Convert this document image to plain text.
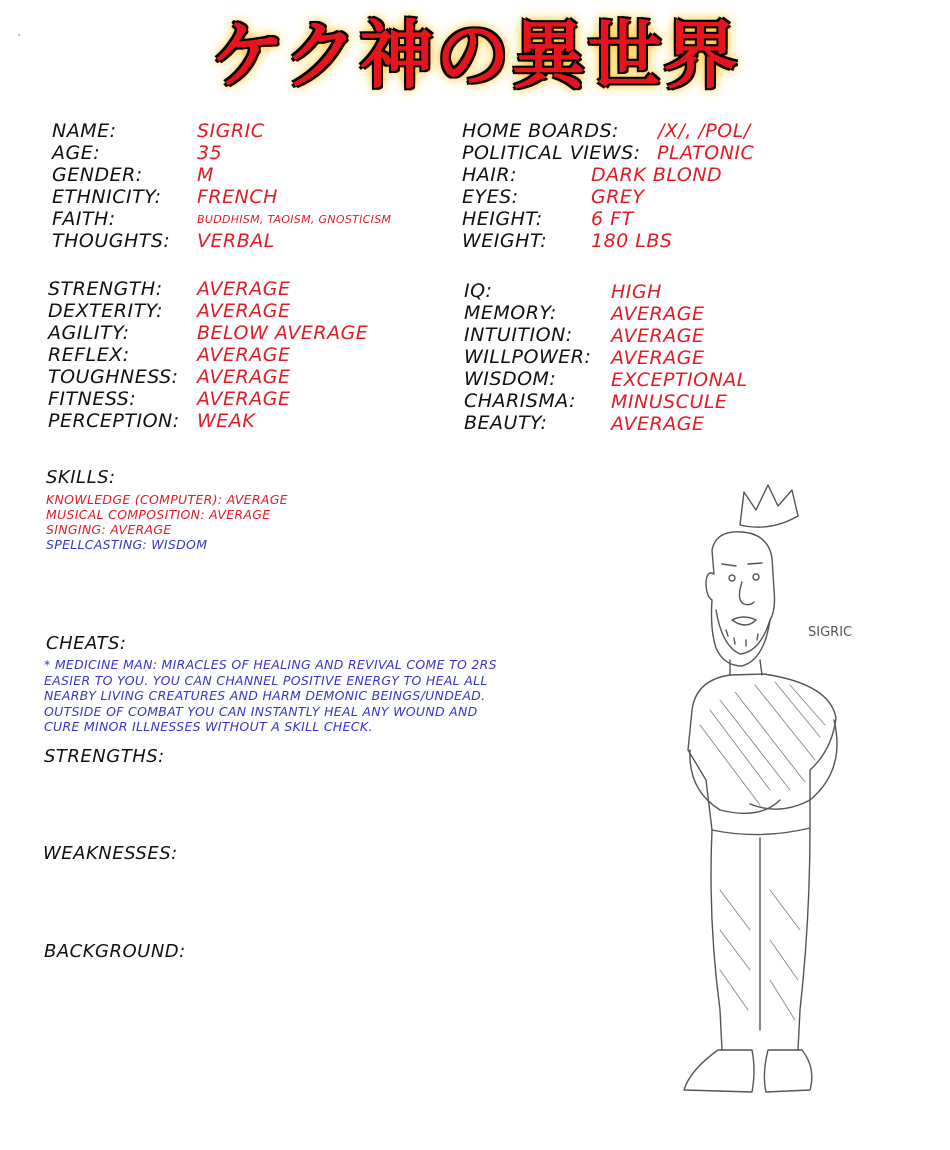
ケク神の異世界
NAME:	SIGRIC
AGE:	35
GENDER:	M
ETHNICITY: FRENCH
FAITH:	BUDDHISM, TAOISM, GNOSTICISM
THOUGHTS: VERBAL
HOME BOARDS: /X/, /POL/
POLITICAL VIEWS: PLATONIC
HAIR:	DARK BLOND
EYES:	GREY
HEIGHT:	6 FT
WEIGHT: 180 LBS
STRENGTH: AVERAGE
DEXTERITY: AVERAGE
AGILITY:	BELOW AVERAGE
REFLEX:	AVERAGE
TOUGHNESS: AVERAGE
FITNESS:	AVERAGE
PERCEPTION: WEAK
IQ:	HIGH
MEMORY:	AVERAGE
INTUITION: AVERAGE
WILLPOWER: AVERAGE
WISDOM:	EXCEPTIONAL
CHARISMA: MINUSCULE
BEAUTY:	AVERAGE
SKILLS:
KNOWLEDGE (COMPUTER): AVERAGE
MUSICAL COMPOSITION: AVERAGE
SINGING: AVERAGE
SPELLCASTING: WISDOM
CHEATS:
* MEDICINE MAN: MIRACLES OF HEALING AND REVIVAL COME TO 2RS
EASIER TO YOU. YOU CAN CHANNEL POSITIVE ENERGY TO HEAL ALL
NEARBY LIVING CREATURES AND HARM DEMONIC BEINGS/UNDEAD.
OUTSIDE OF COMBAT YOU CAN INSTANTLY HEAL ANY WOUND AND
CURE MINOR ILLNESSES WITHOUT A SKILL CHECK.
STRENGTHS:
WEAKNESSES:
BACKGROUND:
SIGRIC
